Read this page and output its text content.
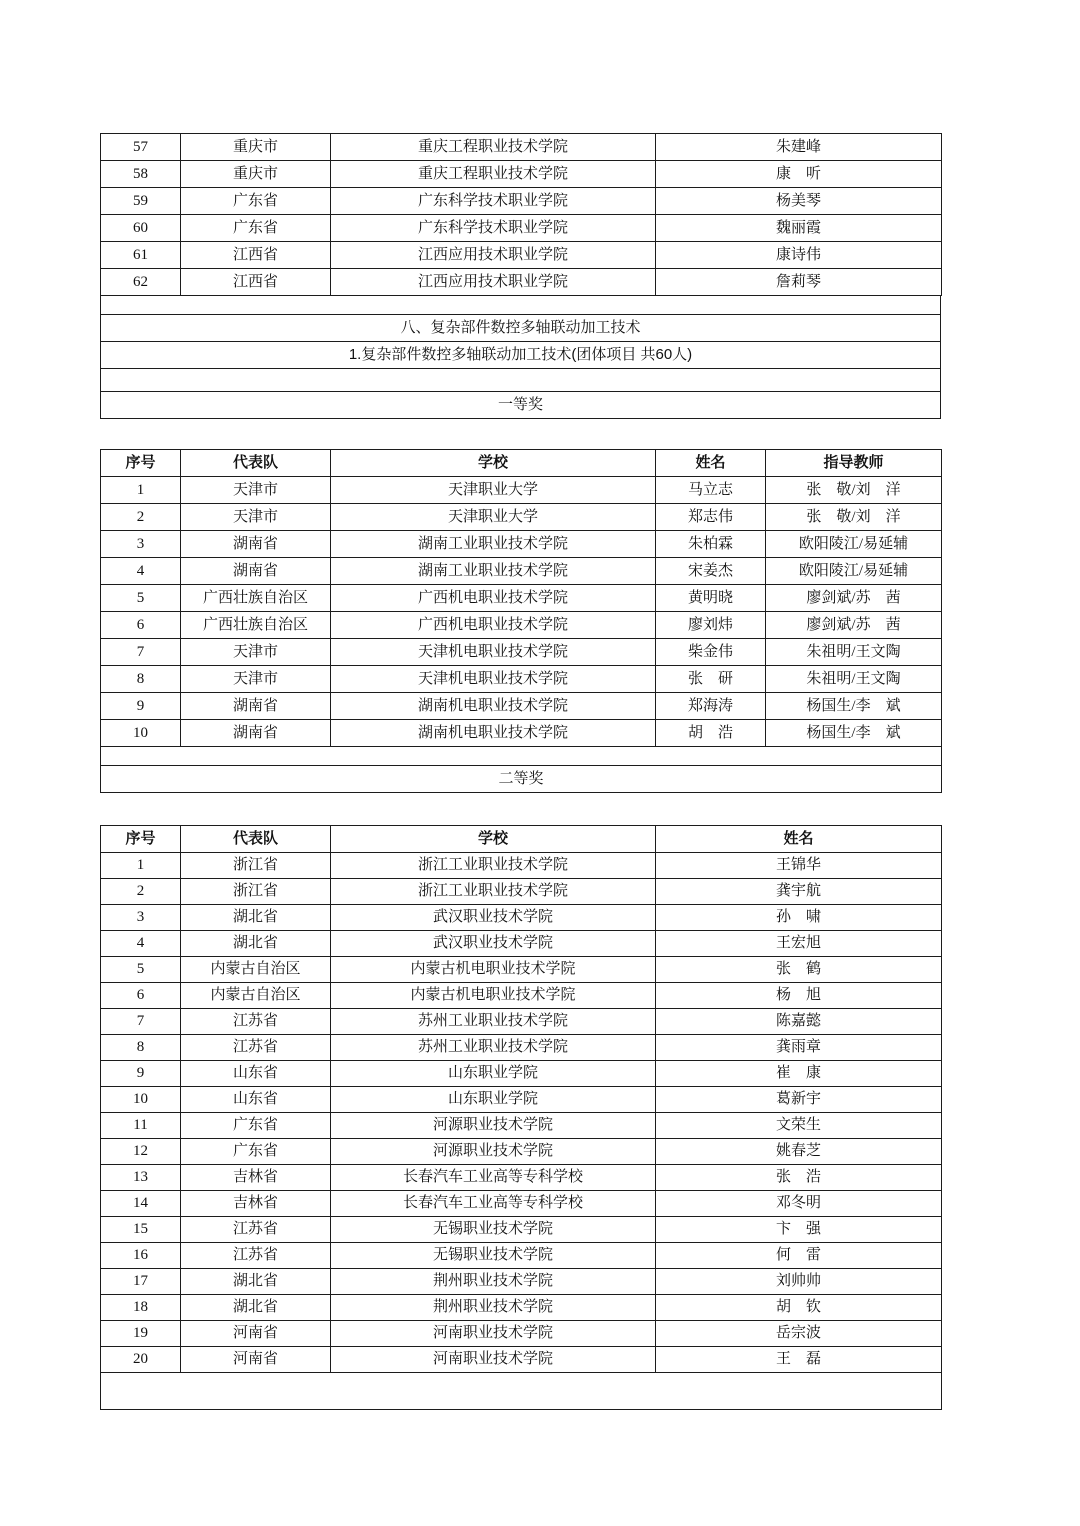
57	重庆市	重庆工程职业技术学院	朱建峰
58	重庆市	重庆工程职业技术学院	康　听
59	广东省	广东科学技术职业学院	杨美琴
60	广东省	广东科学技术职业学院	魏丽霞
61	江西省	江西应用技术职业学院	康诗伟
62	江西省	江西应用技术职业学院	詹莉琴

八、复杂部件数控多轴联动加工技术
1.复杂部件数控多轴联动加工技术(团体项目 共60人)

一等奖
序号	代表队	学校	姓名	指导教师
1	天津市	天津职业大学	马立志	张　敬/刘　洋
2	天津市	天津职业大学	郑志伟	张　敬/刘　洋
3	湖南省	湖南工业职业技术学院	朱柏霖	欧阳陵江/易延辅
4	湖南省	湖南工业职业技术学院	宋姜杰	欧阳陵江/易延辅
5	广西壮族自治区	广西机电职业技术学院	黄明晓	廖剑斌/苏　茜
6	广西壮族自治区	广西机电职业技术学院	廖刘炜	廖剑斌/苏　茜
7	天津市	天津机电职业技术学院	柴金伟	朱祖明/王文陶
8	天津市	天津机电职业技术学院	张　研	朱祖明/王文陶
9	湖南省	湖南机电职业技术学院	郑海涛	杨国生/李　斌
10	湖南省	湖南机电职业技术学院	胡　浩	杨国生/李　斌

二等奖				
序号	代表队	学校	姓名
1	浙江省	浙江工业职业技术学院	王锦华
2	浙江省	浙江工业职业技术学院	龚宇航
3	湖北省	武汉职业技术学院	孙　啸
4	湖北省	武汉职业技术学院	王宏旭
5	内蒙古自治区	内蒙古机电职业技术学院	张　鹤
6	内蒙古自治区	内蒙古机电职业技术学院	杨　旭
7	江苏省	苏州工业职业技术学院	陈嘉懿
8	江苏省	苏州工业职业技术学院	龚雨章
9	山东省	山东职业学院	崔　康
10	山东省	山东职业学院	葛新宇
11	广东省	河源职业技术学院	文荣生
12	广东省	河源职业技术学院	姚春芝
13	吉林省	长春汽车工业高等专科学校	张　浩
14	吉林省	长春汽车工业高等专科学校	邓冬明
15	江苏省	无锡职业技术学院	卞　强
16	江苏省	无锡职业技术学院	何　雷
17	湖北省	荆州职业技术学院	刘帅帅
18	湖北省	荆州职业技术学院	胡　钦
19	河南省	河南职业技术学院	岳宗波
20	河南省	河南职业技术学院	王　磊
